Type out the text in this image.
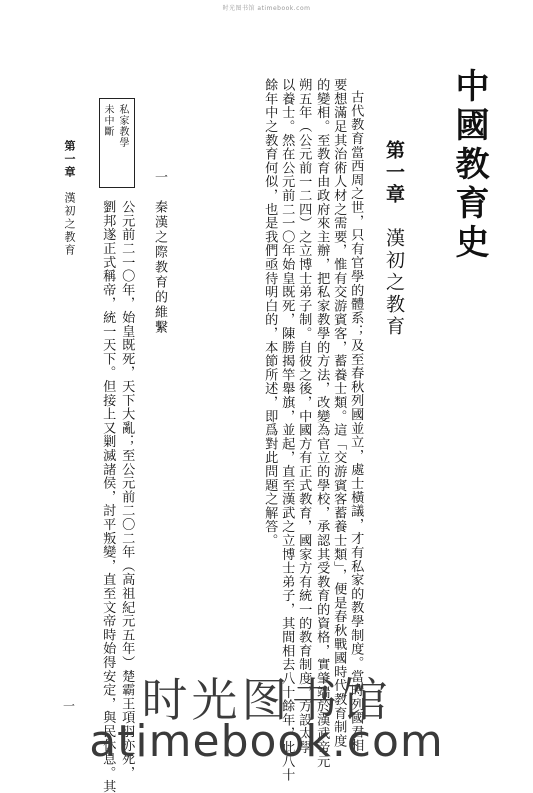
时光图书馆 atimebook.com
中國教育史
第一章　漢初之教育
古代教育當西周之世，只有官學的體系；及至春秋列國並立，處士橫議，才有私家的教學制度。當時列國君相
要想滿足其治術人材之需要，惟有交游賓客，蓄養士類。這「交游賓客蓄養士類」，便是春秋戰國時代教育制度
的變相。至教育由政府來主辦，把私家教學的方法，改變為官立的學校，承認其受教育的資格，實肇端於漢武帝元
朔五年（公元前一二四）之立博士弟子制。自彼之後，中國方有正式教育，國家方有統一的教育制度，方設太學
以養士。然在公元前二一〇年始皇既死，陳勝揭竿舉旗，並起，直至漢武之立博士弟子，其間相去八十餘年，此八十
餘年中之教育何似，也是我們亟待明白的，本節所述，即爲對此問題之解答。
一　秦漢之際教育的維繫
私家教學
未中斷
公元前二一〇年，始皇既死，天下大亂；至公元前二〇二年（高祖紀元五年）楚霸王項羽亦死，
劉邦遂正式稱帝，統一天下。但接上又剿滅諸侯，討平叛變，直至文帝時始得安定，與民休息。其
第一章　漢初之教育
一	时光图书馆
atimebook.com
